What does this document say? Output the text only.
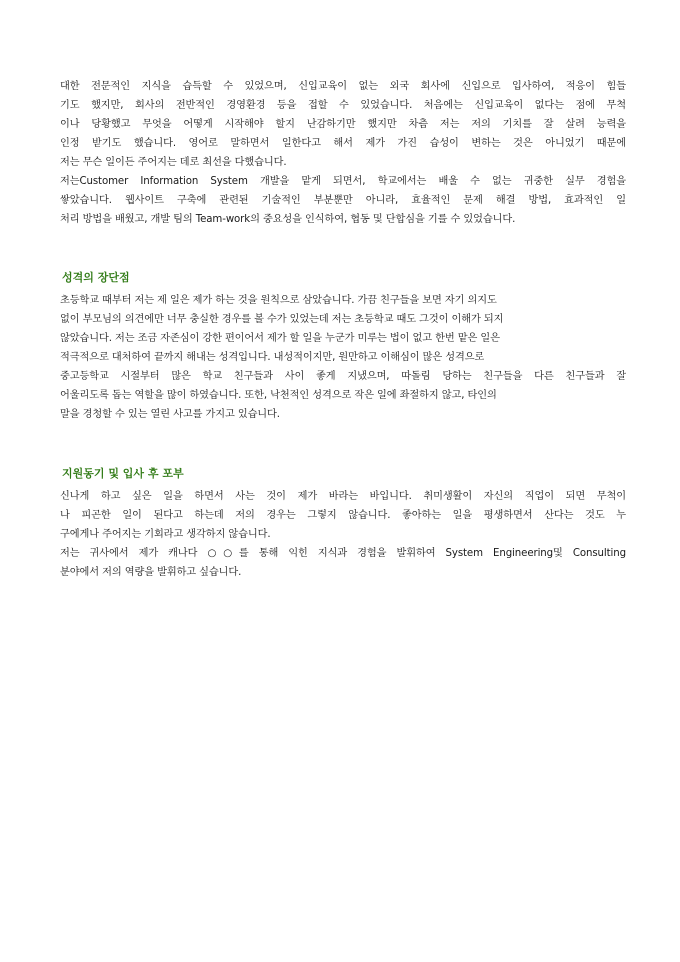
대한 전문적인 지식을 습득할 수 있었으며, 신입교육이 없는 외국 회사에 신입으로 입사하여, 적응이 힘들
기도 했지만, 회사의 전반적인 경영환경 등을 접할 수 있었습니다. 처음에는 신입교육이 없다는 점에 무척
이나 당황했고 무엇을 어떻게 시작해야 할지 난감하기만 했지만 차츰 저는 저의 기치를 잘 살려 능력을
인정 받기도 했습니다. 영어로 말하면서 일한다고 해서 제가 가진 습성이 변하는 것은 아니었기 때문에
저는 무슨 일이든 주어지는 데로 최선을 다했습니다.
저는Customer Information System 개발을 맡게 되면서, 학교에서는 배울 수 없는 귀중한 실무 경험을
쌓았습니다. 웹사이트 구축에 관련된 기술적인 부분뿐만 아니라, 효율적인 문제 해결 방법, 효과적인 일
처리 방법을 배웠고, 개발 팀의 Team-work의 중요성을 인식하여, 협동 및 단합심을 기를 수 있었습니다.
성격의 장단점
초등학교 때부터 저는 제 일은 제가 하는 것을 원칙으로 삼았습니다. 가끔 친구들을 보면 자기 의지도
없이 부모님의 의견에만 너무 충실한 경우를 볼 수가 있었는데 저는 초등학교 때도 그것이 이해가 되지
않았습니다. 저는 조금 자존심이 강한 편이어서 제가 할 일을 누군가 미루는 법이 없고 한번 맡은 일은
적극적으로 대처하여 끝까지 해내는 성격입니다. 내성적이지만, 원만하고 이해심이 많은 성격으로
중고등학교 시절부터 많은 학교 친구들과 사이 좋게 지냈으며, 따돌림 당하는 친구들을 다른 친구들과 잘
어울리도록 돕는 역할을 많이 하였습니다. 또한, 낙천적인 성격으로 작은 일에 좌절하지 않고, 타인의
말을 경청할 수 있는 열린 사고를 가지고 있습니다.
지원동기 및 입사 후 포부
신나게 하고 싶은 일을 하면서 사는 것이 제가 바라는 바입니다. 취미생활이 자신의 직업이 되면 무척이
나 피곤한 일이 된다고 하는데 저의 경우는 그렇지 않습니다. 좋아하는 일을 평생하면서 산다는 것도 누
구에게나 주어지는 기회라고 생각하지 않습니다.
저는 귀사에서 제가 캐나다 ○○를 통해 익힌 지식과 경험을 발휘하여 System Engineering및 Consulting
분야에서 저의 역량을 발휘하고 싶습니다.
